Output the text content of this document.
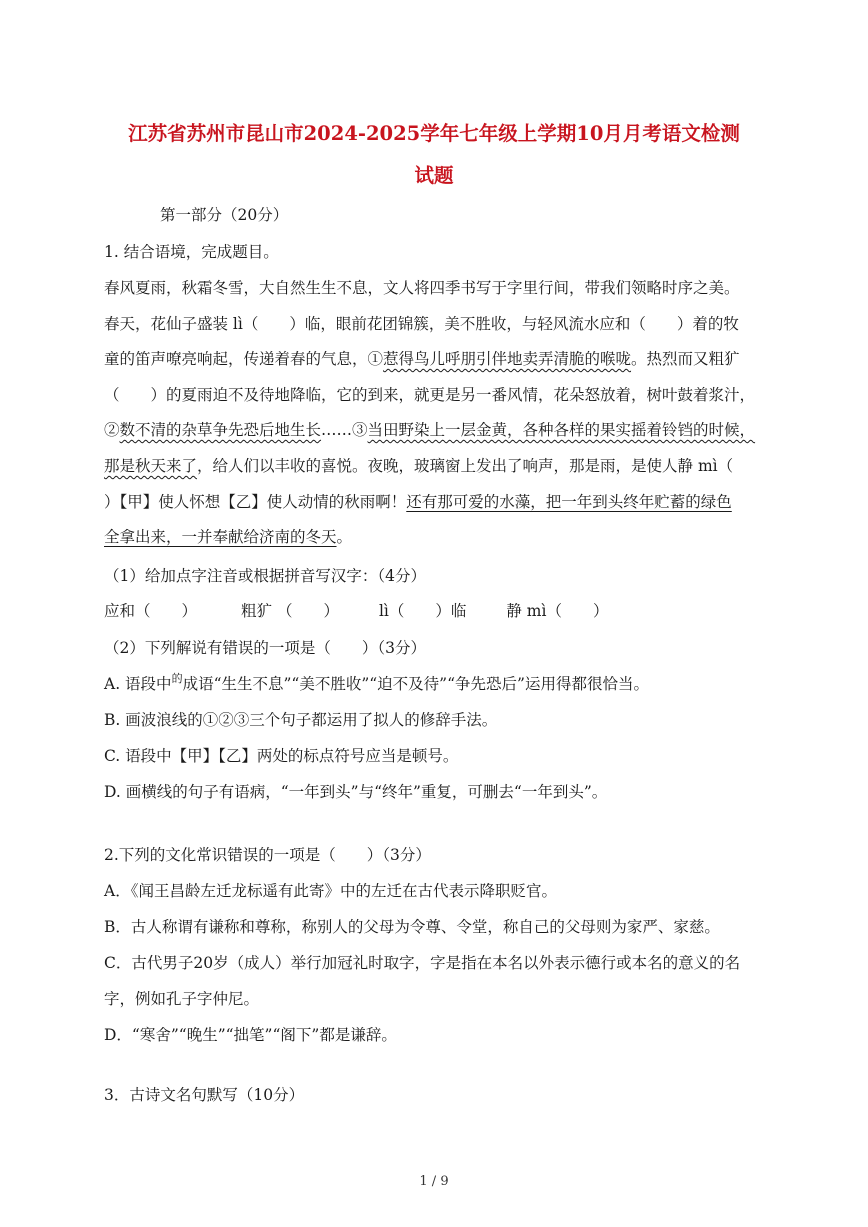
江苏省苏州市昆山市2024-2025学年七年级上学期10月月考语文检测
试题
第一部分（20分）
1. 结合语境，完成题目。
春风夏雨，秋霜冬雪，大自然生生不息，文人将四季书写于字里行间，带我们领略时序之美。
春天，花仙子盛装 lì（　　）临，眼前花团锦簇，美不胜收，与轻风流水应和（　　）着的牧
童的笛声嘹亮响起，传递着春的气息，①惹得鸟儿呼朋引伴地卖弄清脆的喉咙。热烈而又粗犷
（　　）的夏雨迫不及待地降临，它的到来，就更是另一番风情，花朵怒放着，树叶鼓着浆汁，
②数不清的杂草争先恐后地生长……③当田野染上一层金黄，各种各样的果实摇着铃铛的时候，
那是秋天来了，给人们以丰收的喜悦。夜晚，玻璃窗上发出了响声，那是雨，是使人静 mì（
）【甲】使人怀想【乙】使人动情的秋雨啊！还有那可爱的水藻，把一年到头终年贮蓄的绿色
全拿出来，一并奉献给济南的冬天。
（1）给加点字注音或根据拼音写汉字：（4分）
应和（　　）	粗犷 （　　）	lì（　　）临	静 mì（　　）
（2）下列解说有错误的一项是（　　）（3分）
A. 语段中$^的$成语“生生不息”“美不胜收”“迫不及待”“争先恐后”运用得都很恰当。
B. 画波浪线的①②③三个句子都运用了拟人的修辞手法。
C. 语段中【甲】【乙】两处的标点符号应当是顿号。
D. 画横线的句子有语病，“一年到头”与“终年”重复，可删去“一年到头”。
2.下列的文化常识错误的一项是（　　）（3分）
A．《闻王昌龄左迁龙标遥有此寄》中的左迁在古代表示降职贬官。
B．古人称谓有谦称和尊称，称别人的父母为令尊、令堂，称自己的父母则为家严、家慈。
C．古代男子20岁（成人）举行加冠礼时取字，字是指在本名以外表示德行或本名的意义的名
字，例如孔子字仲尼。
D．“寒舍”“晚生”“拙笔”“阁下”都是谦辞。
3．古诗文名句默写（10分）
1 / 9
